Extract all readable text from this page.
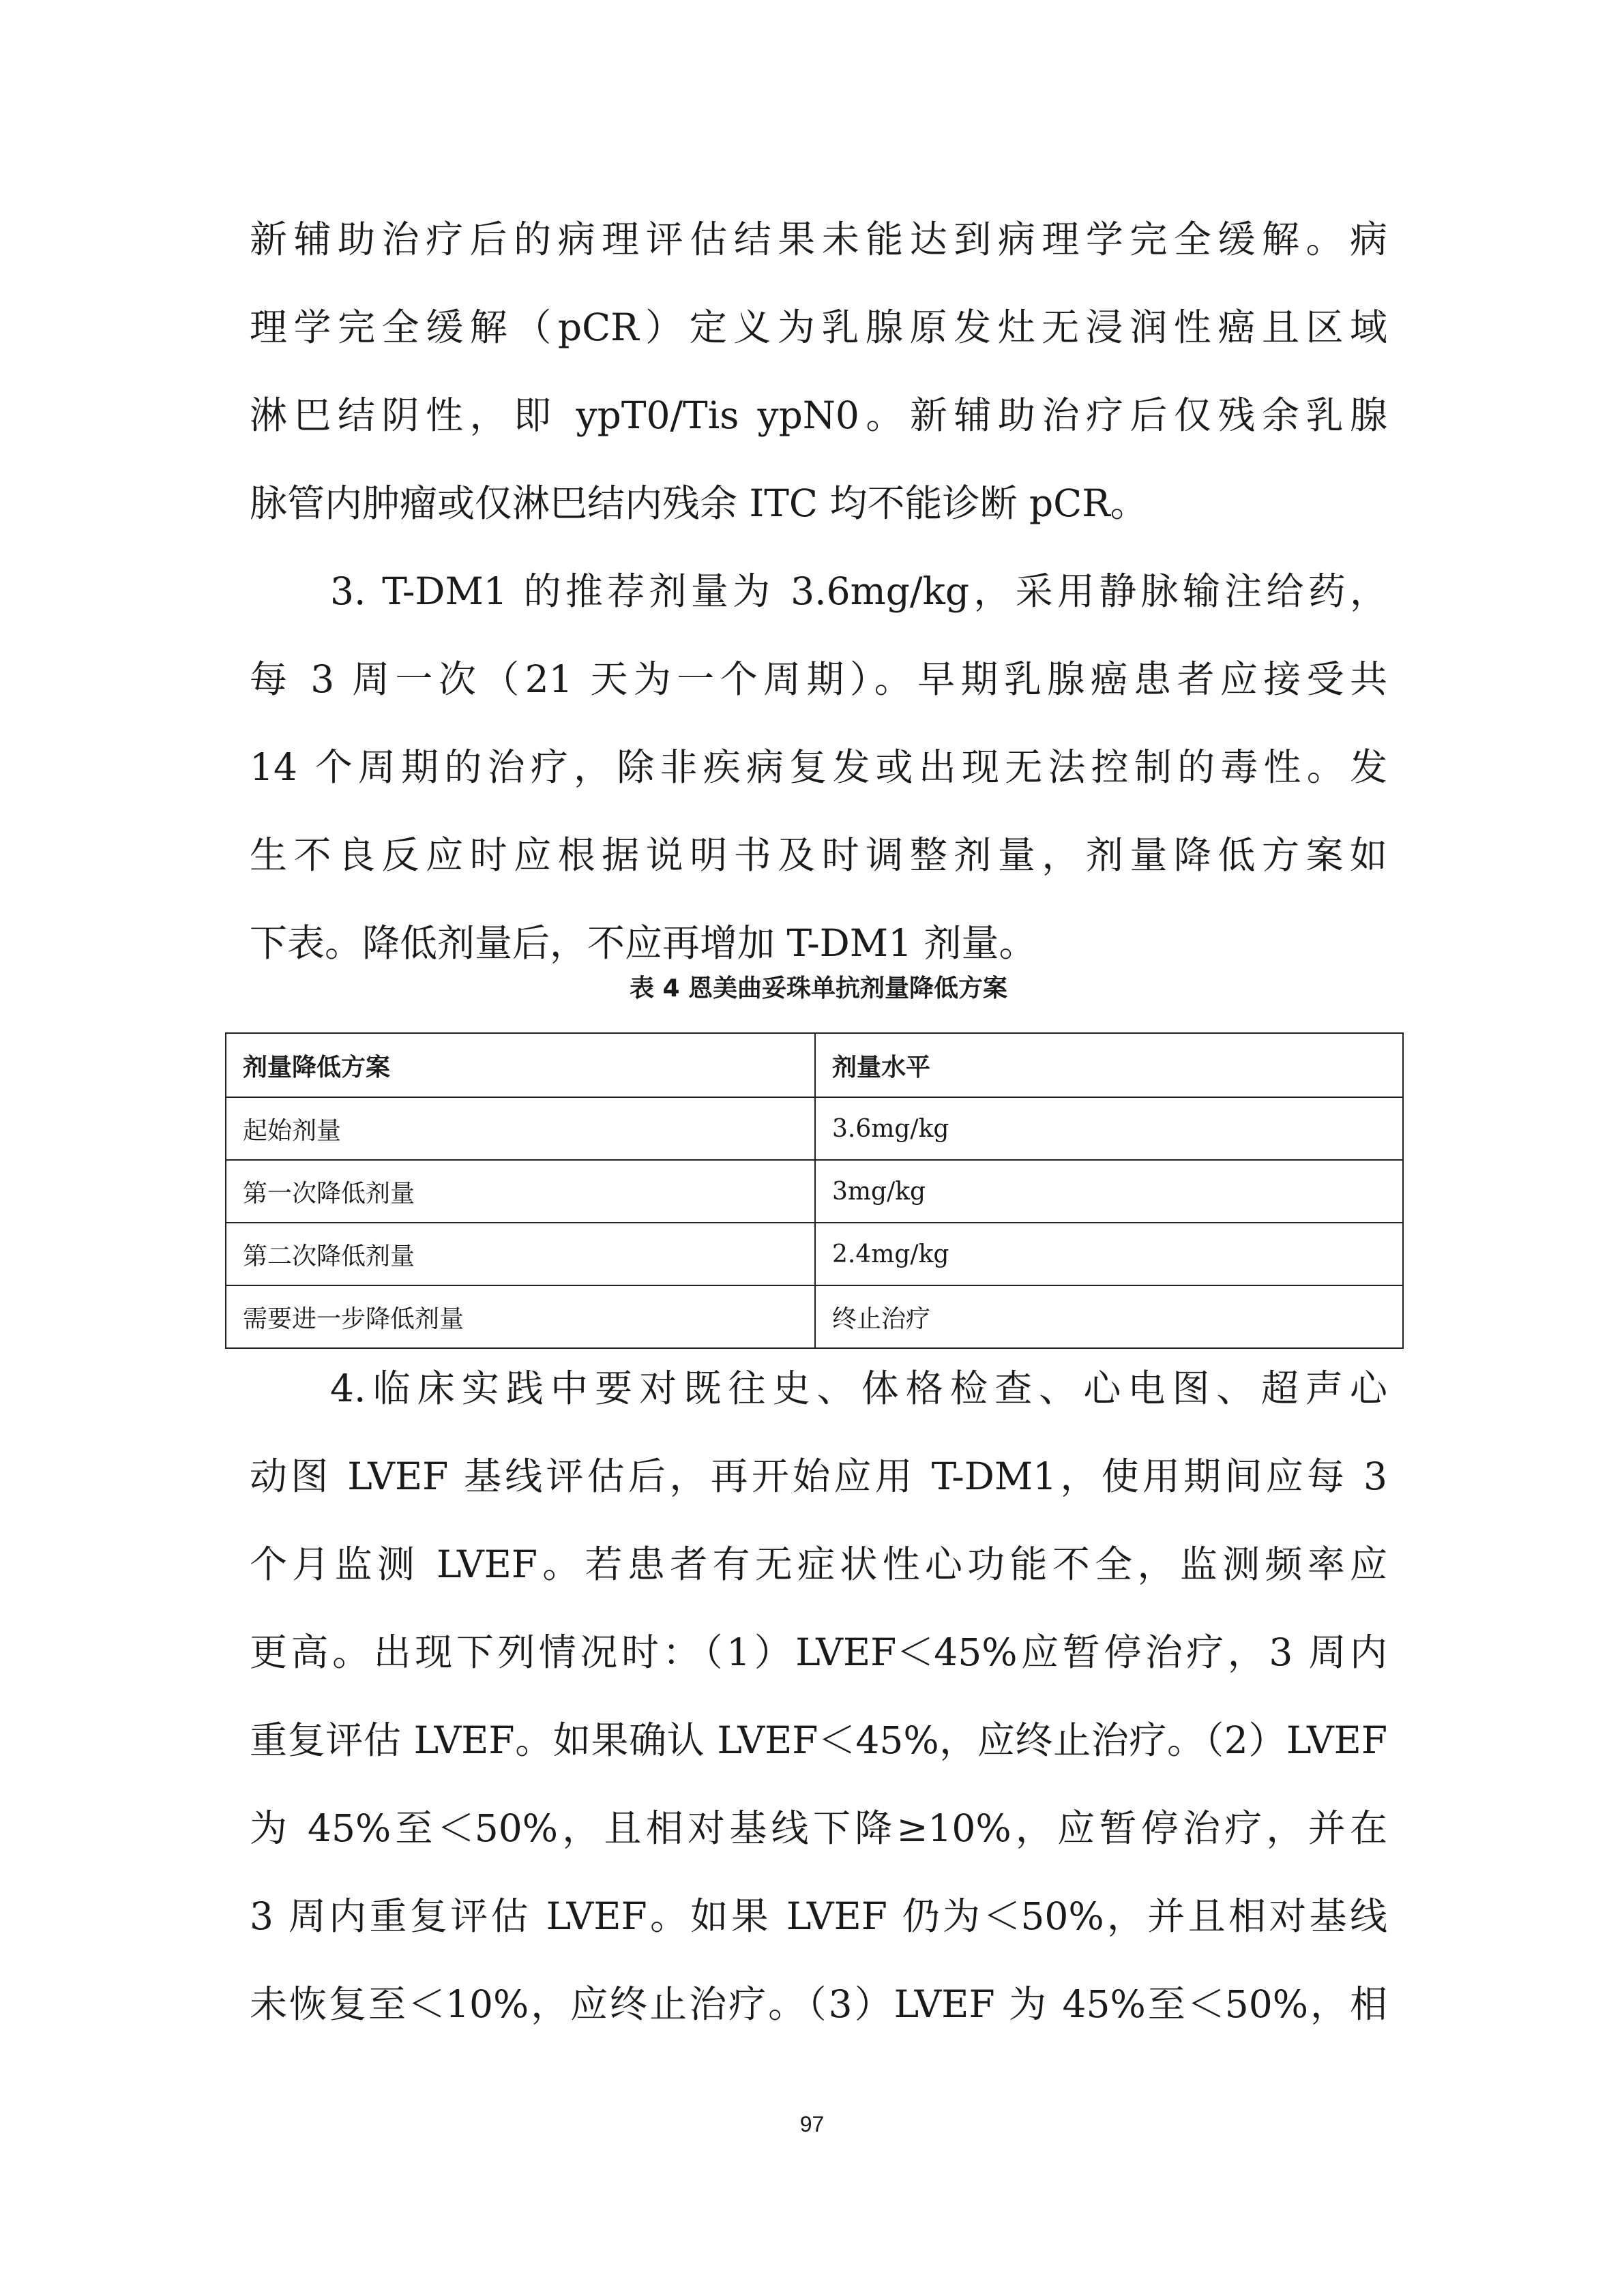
新辅助治疗后的病理评估结果未能达到病理学完全缓解。病
理学完全缓解（pCR）定义为乳腺原发灶无浸润性癌且区域
淋巴结阴性，即 ypT0/Tis ypN0。新辅助治疗后仅残余乳腺
脉管内肿瘤或仅淋巴结内残余 ITC 均不能诊断 pCR。
3. T-DM1 的推荐剂量为 3.6mg/kg，采用静脉输注给药，
每 3 周一次（21 天为一个周期）。早期乳腺癌患者应接受共
14 个周期的治疗，除非疾病复发或出现无法控制的毒性。发
生不良反应时应根据说明书及时调整剂量，剂量降低方案如
下表。降低剂量后，不应再增加 T-DM1 剂量。
表 4 恩美曲妥珠单抗剂量降低方案
剂量降低方案	剂量水平
起始剂量	3.6mg/kg
第一次降低剂量	3mg/kg
第二次降低剂量	2.4mg/kg
需要进一步降低剂量	终止治疗
4.临床实践中要对既往史、体格检查、心电图、超声心
动图 LVEF 基线评估后，再开始应用 T-DM1，使用期间应每 3
个月监测 LVEF。若患者有无症状性心功能不全，监测频率应
更高。出现下列情况时：（1）LVEF＜45%应暂停治疗，3 周内
重复评估 LVEF。如果确认 LVEF＜45%，应终止治疗。（2）LVEF
为 45%至＜50%，且相对基线下降≥10%，应暂停治疗，并在
3 周内重复评估 LVEF。如果 LVEF 仍为＜50%，并且相对基线
未恢复至＜10%，应终止治疗。（3）LVEF 为 45%至＜50%，相
97
